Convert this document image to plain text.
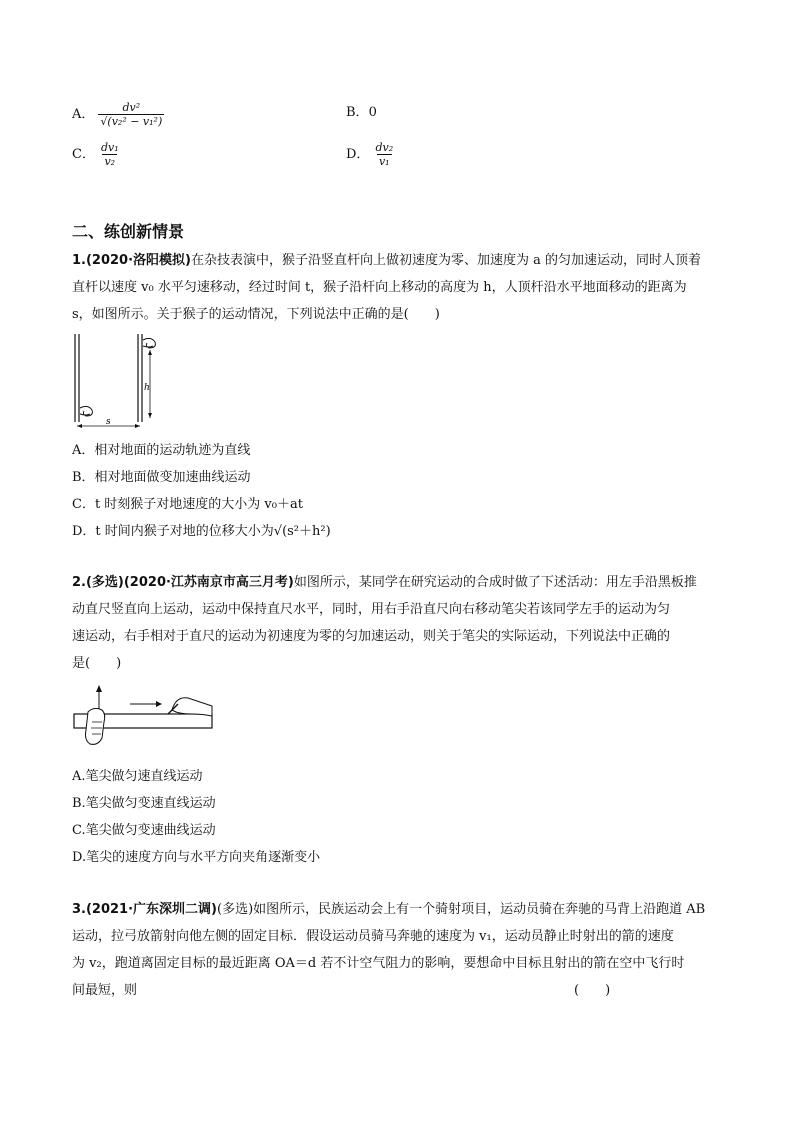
A． $\frac{\text{dv²}}{\text{√(v₂² − v₁²)}}$	B．0
C． $\frac{\text{dv₁}}{\text{v₂}}$	D． $\frac{\text{dv₂}}{\text{v₁}}$
二、练创新情景
1.(2020·洛阳模拟)在杂技表演中，猴子沿竖直杆向上做初速度为零、加速度为 a 的匀加速运动，同时人顶着
直杆以速度 v₀ 水平匀速移动，经过时间 t，猴子沿杆向上移动的高度为 h，人顶杆沿水平地面移动的距离为
s，如图所示。关于猴子的运动情况，下列说法中正确的是(　　)
h
s
A．相对地面的运动轨迹为直线
B．相对地面做变加速曲线运动
C．t 时刻猴子对地速度的大小为 v₀＋at
D．t 时间内猴子对地的位移大小为√(s²＋h²)
2.(多选)(2020·江苏南京市高三月考)如图所示，某同学在研究运动的合成时做了下述活动：用左手沿黑板推
动直尺竖直向上运动，运动中保持直尺水平，同时，用右手沿直尺向右移动笔尖若该同学左手的运动为匀
速运动，右手相对于直尺的运动为初速度为零的匀加速运动，则关于笔尖的实际运动，下列说法中正确的
是(　　)
A.笔尖做匀速直线运动
B.笔尖做匀变速直线运动
C.笔尖做匀变速曲线运动
D.笔尖的速度方向与水平方向夹角逐渐变小
3.(2021·广东深圳二调)(多选)如图所示，民族运动会上有一个骑射项目，运动员骑在奔驰的马背上沿跑道 AB
运动，拉弓放箭射向他左侧的固定目标．假设运动员骑马奔驰的速度为 v₁，运动员静止时射出的箭的速度
为 v₂，跑道离固定目标的最近距离 OA＝d 若不计空气阻力的影响，要想命中目标且射出的箭在空中飞行时
间最短，则	(　　)
